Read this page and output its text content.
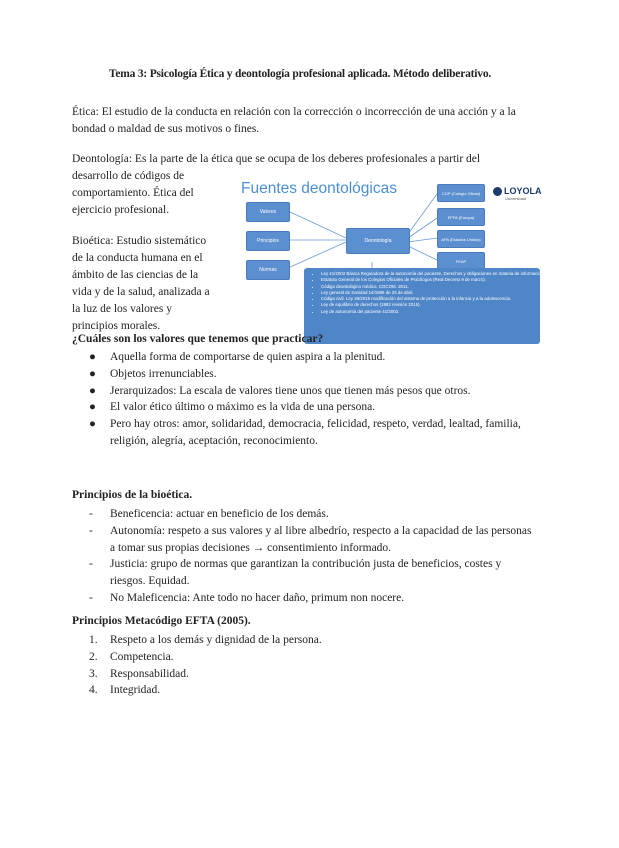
Tema 3: Psicología Ética y deontología profesional aplicada. Método deliberativo.
Ética: El estudio de la conducta en relación con la corrección o incorrección de una acción y a la bondad o maldad de sus motivos o fines.
Deontología: Es la parte de la ética que se ocupa de los deberes profesionales a partir del
desarrollo de códigos de comportamiento. Ética del ejercicio profesional.
Bioética: Estudio sistemático de la conducta humana en el ámbito de las ciencias de la vida y de la salud, analizada a la luz de los valores y principios morales.
Fuentes deontológicas	LOYOLA
Universidad
Valores
Principios
Normas
Deontología
COP (Colegio Oficial)
EFPA (Europa)
APA (Estados Unidos)
FEAP
• Ley 41/2002 Básica Reguladora de la autonomía del paciente, Derechos y obligaciones en materia de información y documentación clínica 15 nov. 2002.
• Estatuto General de los Colegios Oficiales de Psicólogos (Real Decreto 9 de marzo).
• Código deontológico médico. CGCOM. 2011.
• Ley general de Sanidad 14/1986 de 25 de abril.
• Código civil. Ley 26/2015 modificación del sistema de protección a la infancia y a la adolescencia.
• Ley de equilibrio de derechos (1982 revisión 2015).
• Ley de autonomía del paciente 41/2002.
¿Cuáles son los valores que tenemos que practicar?
● Aquella forma de comportarse de quien aspira a la plenitud.
● Objetos irrenunciables.
● Jerarquizados: La escala de valores tiene unos que tienen más pesos que otros.
● El valor ético último o máximo es la vida de una persona.
● Pero hay otros: amor, solidaridad, democracia, felicidad, respeto, verdad, lealtad, familia, religión, alegría, aceptación, reconocimiento.
Principios de la bioética.
- Beneficencia: actuar en beneficio de los demás.
- Autonomía: respeto a sus valores y al libre albedrío, respecto a la capacidad de las personas a tomar sus propias decisiones → consentimiento informado.
- Justicia: grupo de normas que garantizan la contribución justa de beneficios, costes y riesgos. Equidad.
- No Maleficencia: Ante todo no hacer daño, primum non nocere.
Principios Metacódigo EFTA (2005).
1. Respeto a los demás y dignidad de la persona.
2. Competencia.
3. Responsabilidad.
4. Integridad.
